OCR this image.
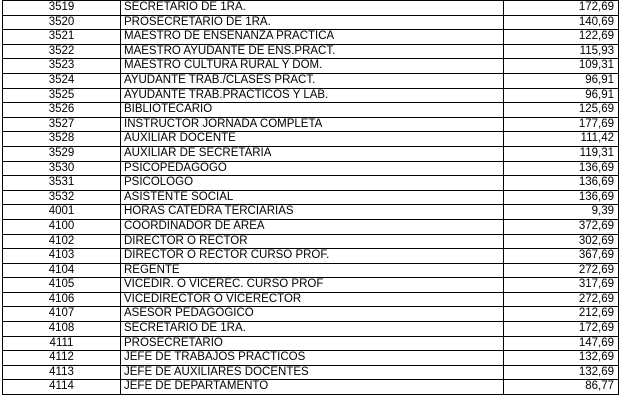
3519	SECRETARIO DE 1RA.	172,69
3520	PROSECRETARIO DE 1RA.	140,69
3521	MAESTRO DE ENSEÑANZA PRACTICA	122,69
3522	MAESTRO AYUDANTE DE ENS.PRACT.	115,93
3523	MAESTRO CULTURA RURAL Y DOM.	109,31
3524	AYUDANTE TRAB./CLASES PRACT.	96,91
3525	AYUDANTE TRAB.PRACTICOS Y LAB.	96,91
3526	BIBLIOTECARIO	125,69
3527	INSTRUCTOR JORNADA COMPLETA	177,69
3528	AUXILIAR DOCENTE	111,42
3529	AUXILIAR DE SECRETARIA	119,31
3530	PSICOPEDAGOGO	136,69
3531	PSICOLOGO	136,69
3532	ASISTENTE SOCIAL	136,69
4001	HORAS CATEDRA TERCIARIAS	9,39
4100	COORDINADOR DE AREA	372,69
4102	DIRECTOR O RECTOR	302,69
4103	DIRECTOR O RECTOR CURSO PROF.	367,69
4104	REGENTE	272,69
4105	VICEDIR. O VICEREC. CURSO PROF	317,69
4106	VICEDIRECTOR O VICERECTOR	272,69
4107	ASESOR PEDAGOGICO	212,69
4108	SECRETARIO DE 1RA.	172,69
4111	PROSECRETARIO	147,69
4112	JEFE DE TRABAJOS PRACTICOS	132,69
4113	JEFE DE AUXILIARES DOCENTES	132,69
4114	JEFE DE DEPARTAMENTO	86,77
